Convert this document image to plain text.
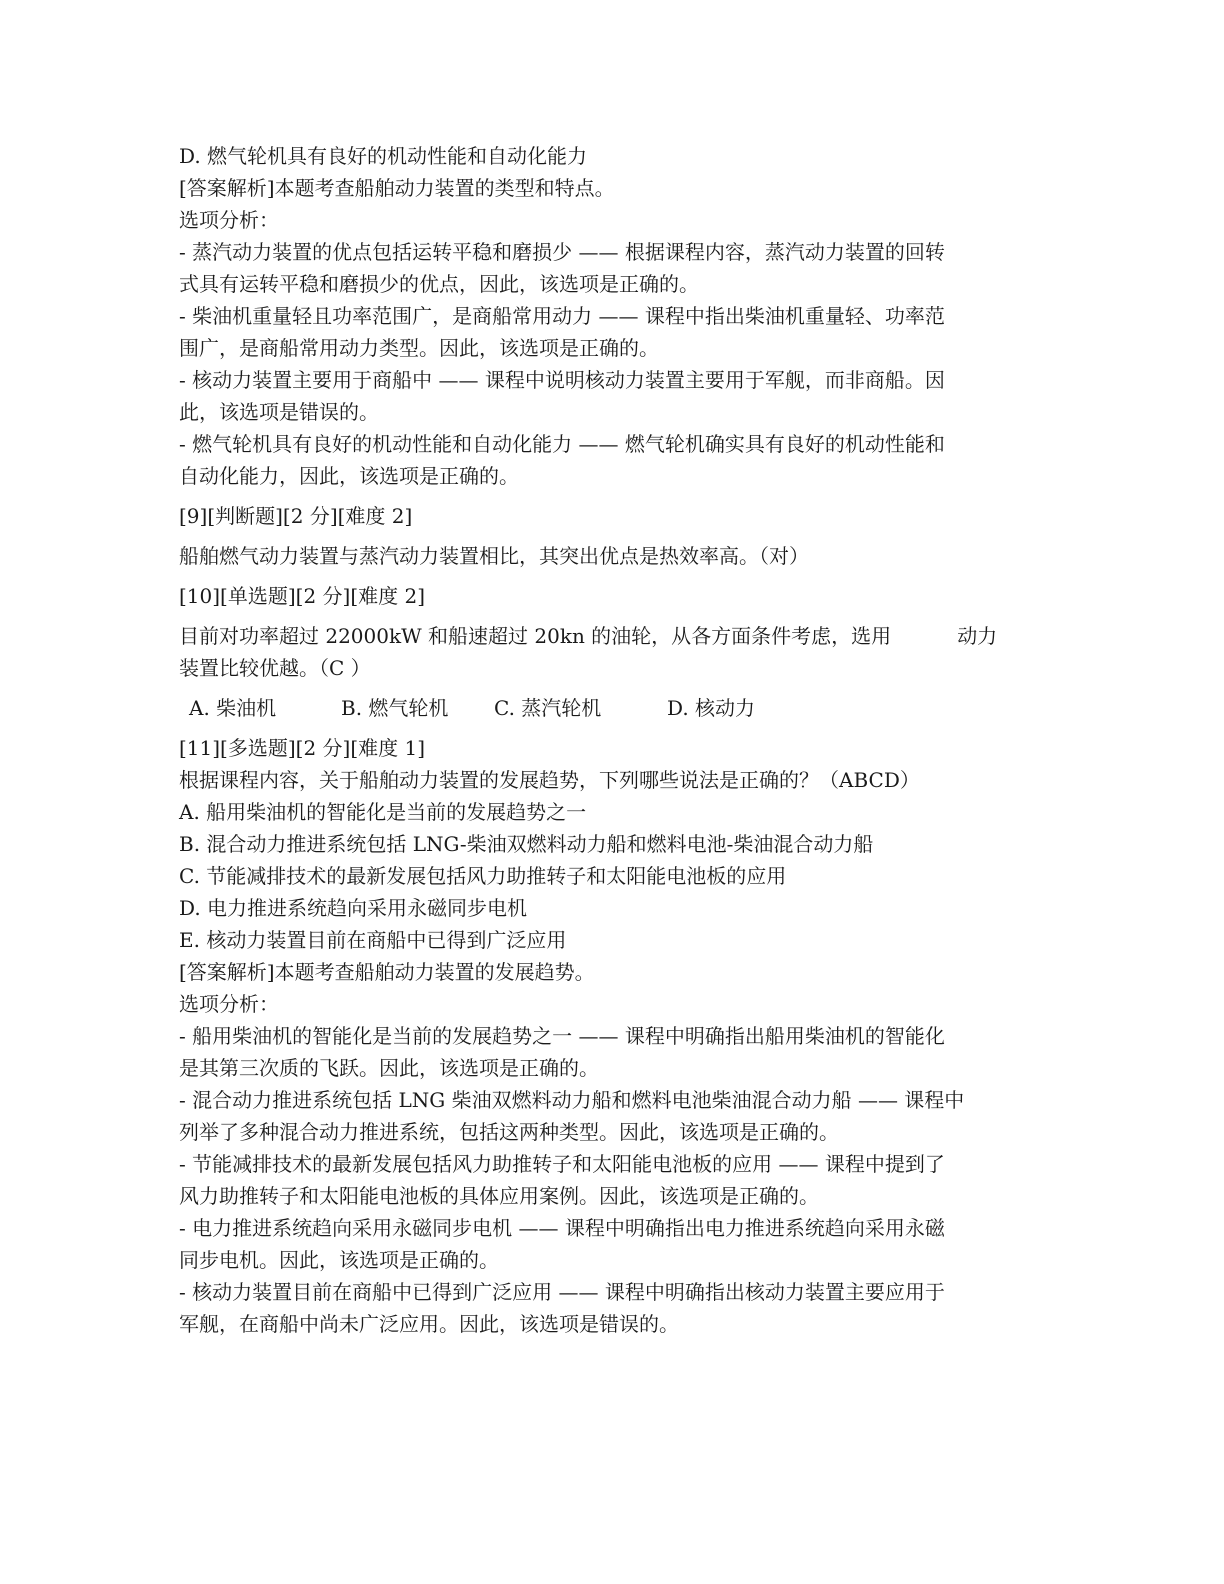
D. 燃气轮机具有良好的机动性能和自动化能力
[答案解析]本题考查船舶动力装置的类型和特点。
选项分析：
- 蒸汽动力装置的优点包括运转平稳和磨损少 —— 根据课程内容，蒸汽动力装置的回转
式具有运转平稳和磨损少的优点，因此，该选项是正确的。
- 柴油机重量轻且功率范围广，是商船常用动力 —— 课程中指出柴油机重量轻、功率范
围广，是商船常用动力类型。因此，该选项是正确的。
- 核动力装置主要用于商船中 —— 课程中说明核动力装置主要用于军舰，而非商船。因
此，该选项是错误的。
- 燃气轮机具有良好的机动性能和自动化能力 —— 燃气轮机确实具有良好的机动性能和
自动化能力，因此，该选项是正确的。
[9][判断题][2 分][难度 2]
船舶燃气动力装置与蒸汽动力装置相比，其突出优点是热效率高。（对）
[10][单选题][2 分][难度 2]
目前对功率超过 22000kW 和船速超过 20kn 的油轮，从各方面条件考虑，选用	动力
装置比较优越。（C ）
A. 柴油机	B. 燃气轮机 C. 蒸汽轮机	D. 核动力
[11][多选题][2 分][难度 1]
根据课程内容，关于船舶动力装置的发展趋势，下列哪些说法是正确的？（ABCD）
A. 船用柴油机的智能化是当前的发展趋势之一
B. 混合动力推进系统包括 LNG-柴油双燃料动力船和燃料电池-柴油混合动力船
C. 节能减排技术的最新发展包括风力助推转子和太阳能电池板的应用
D. 电力推进系统趋向采用永磁同步电机
E. 核动力装置目前在商船中已得到广泛应用
[答案解析]本题考查船舶动力装置的发展趋势。
选项分析：
- 船用柴油机的智能化是当前的发展趋势之一 —— 课程中明确指出船用柴油机的智能化
是其第三次质的飞跃。因此，该选项是正确的。
- 混合动力推进系统包括 LNG 柴油双燃料动力船和燃料电池柴油混合动力船 —— 课程中
列举了多种混合动力推进系统，包括这两种类型。因此，该选项是正确的。
- 节能减排技术的最新发展包括风力助推转子和太阳能电池板的应用 —— 课程中提到了
风力助推转子和太阳能电池板的具体应用案例。因此，该选项是正确的。
- 电力推进系统趋向采用永磁同步电机 —— 课程中明确指出电力推进系统趋向采用永磁
同步电机。因此，该选项是正确的。
- 核动力装置目前在商船中已得到广泛应用 —— 课程中明确指出核动力装置主要应用于
军舰，在商船中尚未广泛应用。因此，该选项是错误的。
